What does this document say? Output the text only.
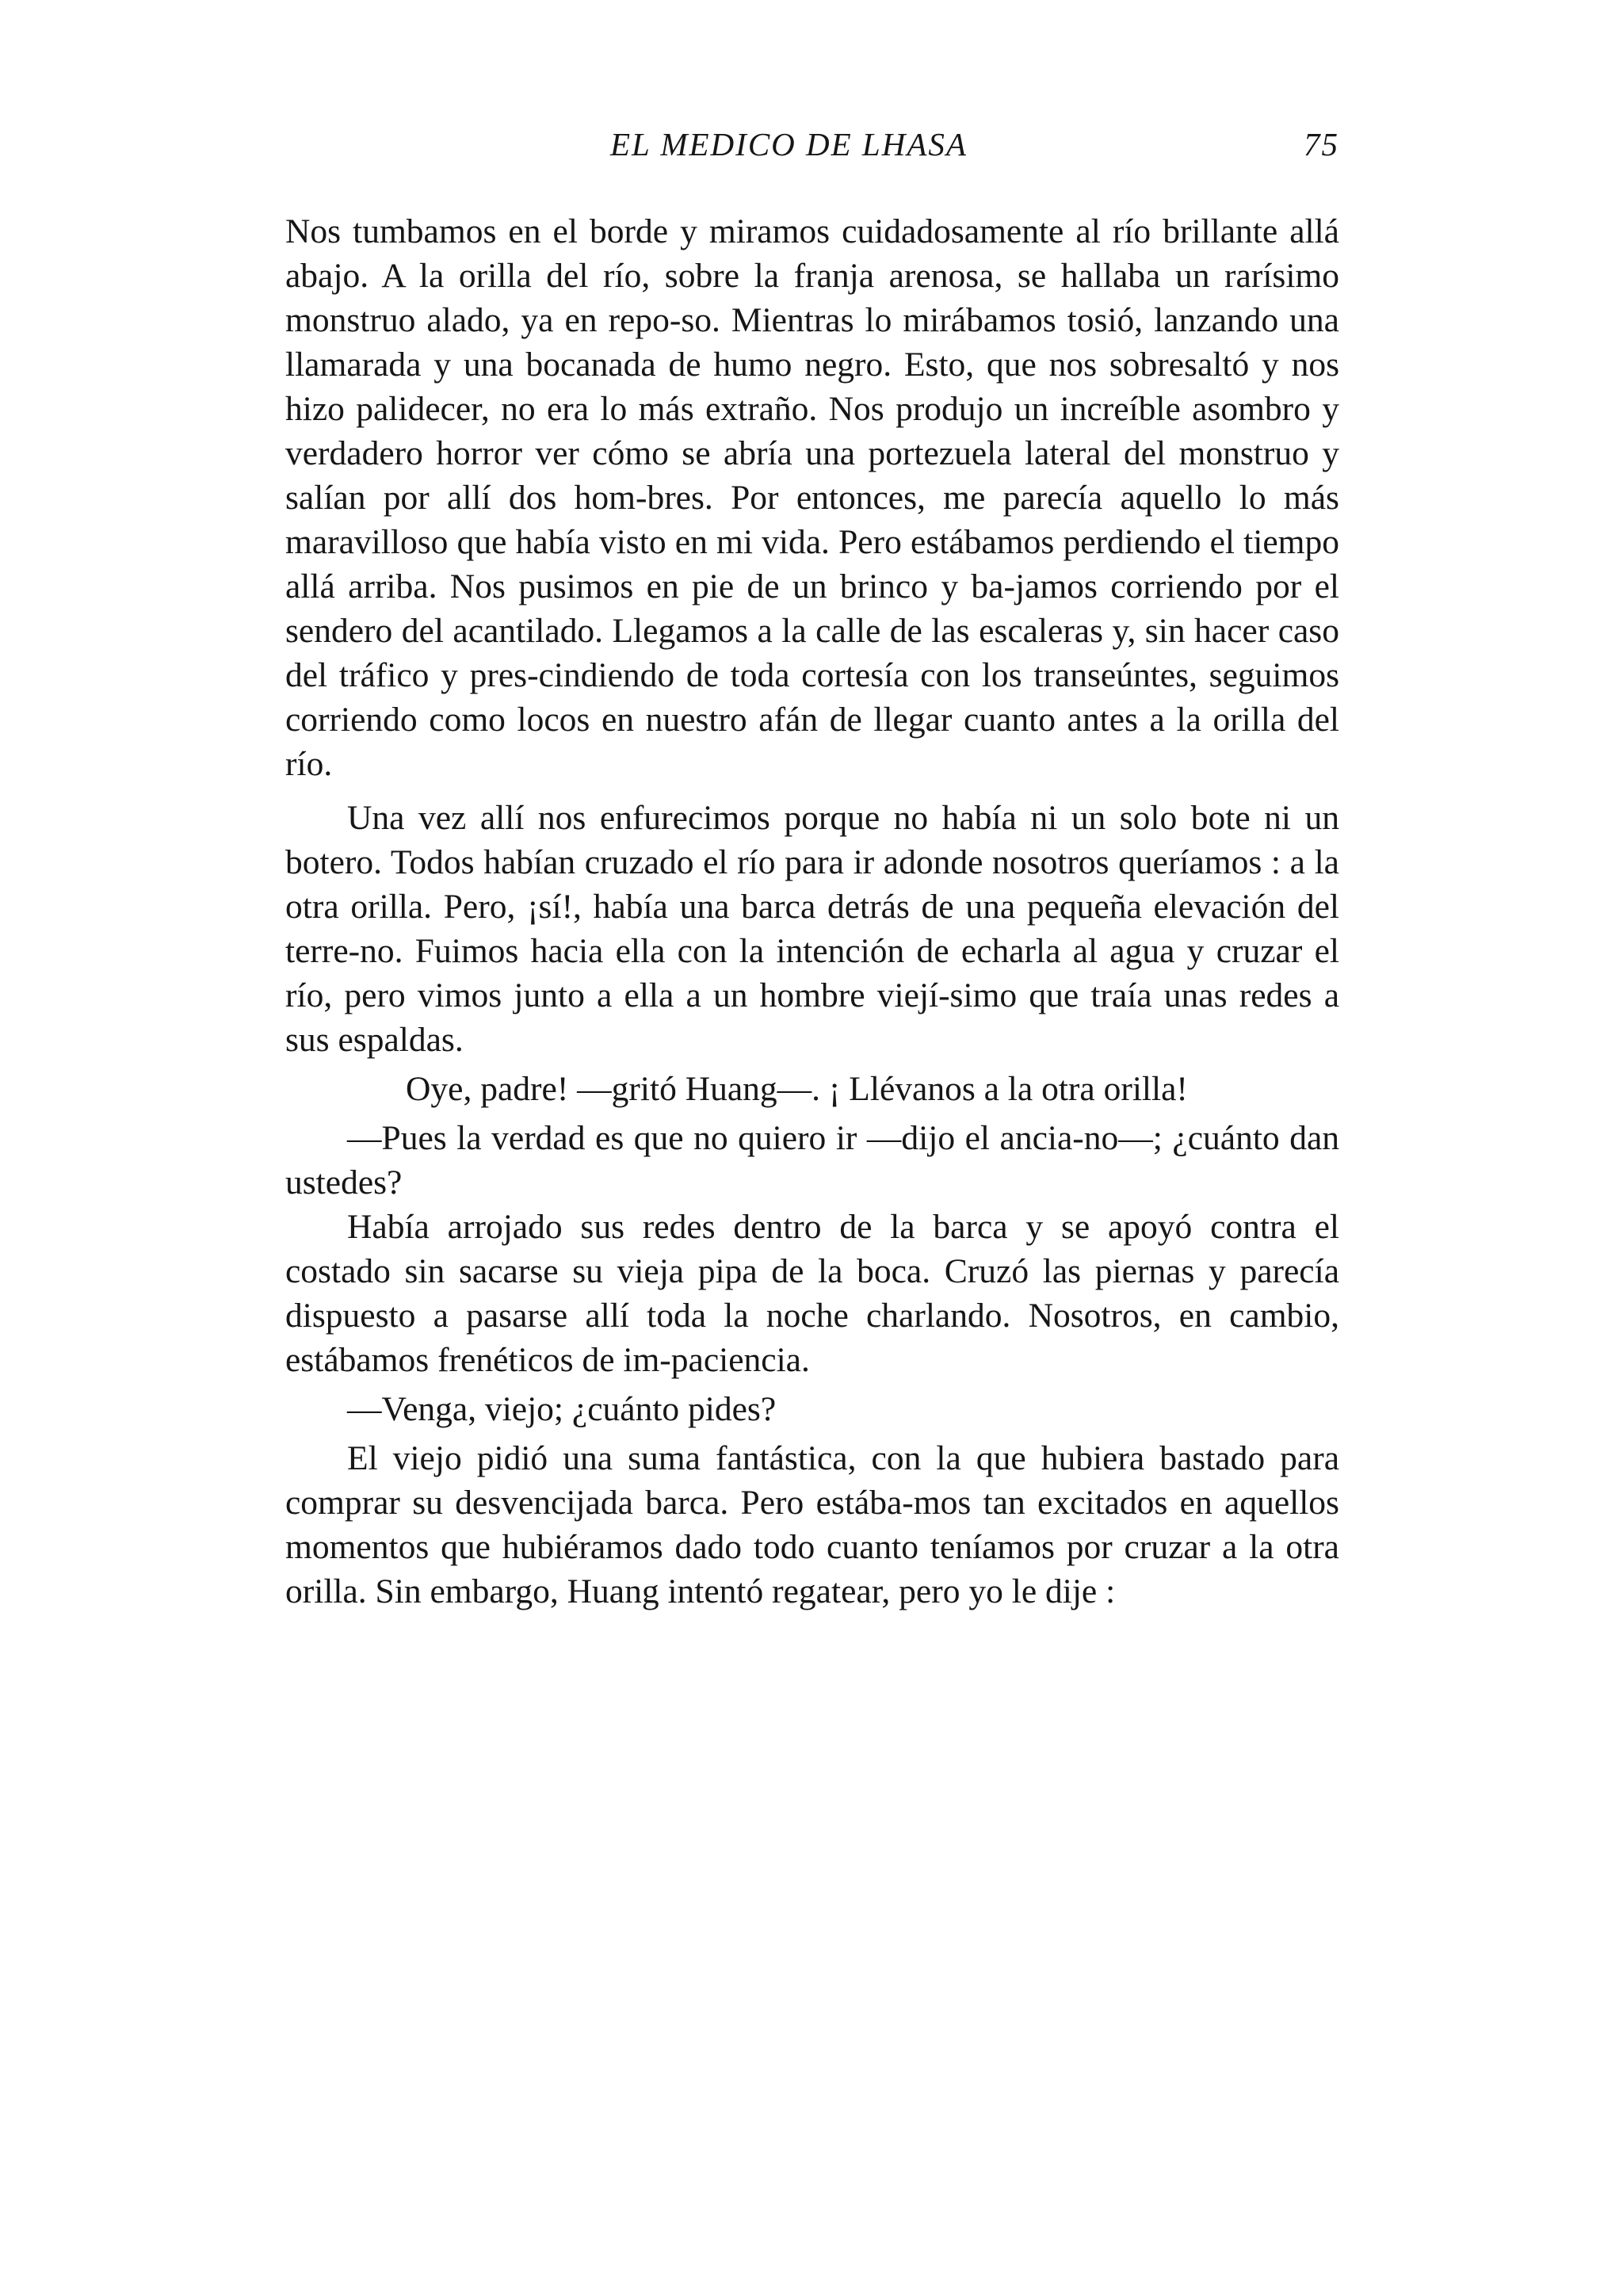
EL MEDICO DE LHASA	75

Nos tumbamos en el borde y miramos cuidadosamente al río brillante allá abajo. A la orilla del río, sobre la franja arenosa, se hallaba un rarísimo monstruo alado, ya en repo-so. Mientras lo mirábamos tosió, lanzando una llamarada y una bocanada de humo negro. Esto, que nos sobresaltó y nos hizo palidecer, no era lo más extraño. Nos produjo un increíble asombro y verdadero horror ver cómo se abría una portezuela lateral del monstruo y salían por allí dos hom-bres. Por entonces, me parecía aquello lo más maravilloso que había visto en mi vida. Pero estábamos perdiendo el tiempo allá arriba. Nos pusimos en pie de un brinco y ba-jamos corriendo por el sendero del acantilado. Llegamos a la calle de las escaleras y, sin hacer caso del tráfico y pres-cindiendo de toda cortesía con los transeúntes, seguimos corriendo como locos en nuestro afán de llegar cuanto antes a la orilla del río.

Una vez allí nos enfurecimos porque no había ni un solo bote ni un botero. Todos habían cruzado el río para ir adonde nosotros queríamos : a la otra orilla. Pero, ¡sí!, había una barca detrás de una pequeña elevación del terre-no. Fuimos hacia ella con la intención de echarla al agua y cruzar el río, pero vimos junto a ella a un hombre viejí-simo que traía unas redes a sus espaldas.

Oye, padre! —gritó Huang—. ¡ Llévanos a la otra orilla!

—Pues la verdad es que no quiero ir —dijo el ancia-no—; ¿cuánto dan ustedes?

Había arrojado sus redes dentro de la barca y se apoyó contra el costado sin sacarse su vieja pipa de la boca. Cruzó las piernas y parecía dispuesto a pasarse allí toda la noche charlando. Nosotros, en cambio, estábamos frenéticos de im-paciencia.

—Venga, viejo; ¿cuánto pides?

El viejo pidió una suma fantástica, con la que hubiera bastado para comprar su desvencijada barca. Pero estába-mos tan excitados en aquellos momentos que hubiéramos dado todo cuanto teníamos por cruzar a la otra orilla. Sin embargo, Huang intentó regatear, pero yo le dije :
